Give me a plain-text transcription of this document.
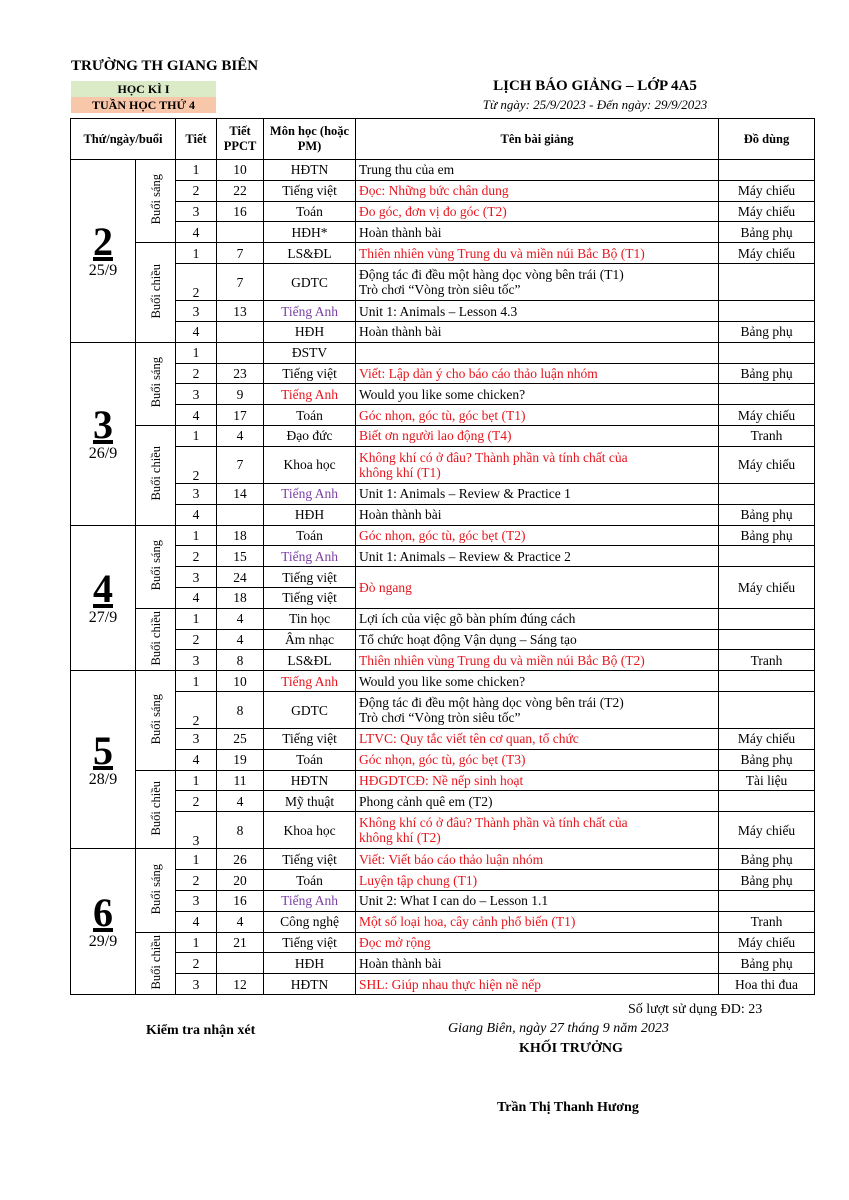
TRƯỜNG TH GIANG BIÊN
HỌC KÌ I
TUẦN HỌC THỨ 4
LỊCH BÁO GIẢNG – LỚP 4A5
Từ ngày: 25/9/2023 - Đến ngày: 29/9/2023
Thứ/ngày/buổi		Tiết	Tiết PPCT	Môn học (hoặc PM)	Tên bài giảng	Đồ dùng

2
25/9	Buổi sáng	1	10	HĐTN	Trung thu của em	
		2	22	Tiếng việt	Đọc: Những bức chân dung	Máy chiếu
		3	16	Toán	Đo góc, đơn vị đo góc (T2)	Máy chiếu
		4		HĐH*	Hoàn thành bài	Bảng phụ
	Buổi chiều	1	7	LS&ĐL	Thiên nhiên vùng Trung du và miền núi Bắc Bộ (T1)	Máy chiếu
		2	7	GDTC	Động tác đi đều một hàng dọc vòng bên trái (T1)
Trò chơi “Vòng tròn siêu tốc”	

		3	13	Tiếng Anh	Unit 1: Animals – Lesson 4.3	
		4		HĐH	Hoàn thành bài	Bảng phụ

3
26/9	Buổi sáng	1		ĐSTV		
		2	23	Tiếng việt	Viết: Lập dàn ý cho báo cáo thảo luận nhóm	Bảng phụ
		3	9	Tiếng Anh	Would you like some chicken?	
		4	17	Toán	Góc nhọn, góc tù, góc bẹt (T1)	Máy chiếu
	Buổi chiều	1	4	Đạo đức	Biết ơn người lao động (T4)	Tranh
		2	7	Khoa học	Không khí có ở đâu? Thành phần và tính chất của
không khí (T1)	Máy chiếu
		3	14	Tiếng Anh	Unit 1: Animals – Review & Practice 1	
		4		HĐH	Hoàn thành bài	Bảng phụ

4
27/9	Buổi sáng	1	18	Toán	Góc nhọn, góc tù, góc bẹt (T2)	Bảng phụ
		2	15	Tiếng Anh	Unit 1: Animals – Review & Practice 2	
		3	24	Tiếng việt	Đò ngang	Máy chiếu
		4	18	Tiếng việt		
	Buổi chiều	1	4	Tin học	Lợi ích của việc gõ bàn phím đúng cách	
		2	4	Âm nhạc	Tổ chức hoạt động Vận dụng – Sáng tạo	
		3	8	LS&ĐL	Thiên nhiên vùng Trung du và miền núi Bắc Bộ (T2)	Tranh

5
28/9	Buổi sáng	1	10	Tiếng Anh	Would you like some chicken?	
		2	8	GDTC	Động tác đi đều một hàng dọc vòng bên trái (T2)
Trò chơi “Vòng tròn siêu tốc”	

		3	25	Tiếng việt	LTVC: Quy tắc viết tên cơ quan, tổ chức	Máy chiếu
		4	19	Toán	Góc nhọn, góc tù, góc bẹt (T3)	Bảng phụ
	Buổi chiều	1	11	HĐTN	HĐGDTCĐ: Nề nếp sinh hoạt	Tài liệu
		2	4	Mỹ thuật	Phong cảnh quê em (T2)	
		3	8	Khoa học	Không khí có ở đâu? Thành phần và tính chất của
không khí (T2)	Máy chiếu

6
29/9	Buổi sáng	1	26	Tiếng việt	Viết: Viết báo cáo thảo luận nhóm	Bảng phụ
		2	20	Toán	Luyện tập chung (T1)	Bảng phụ
		3	16	Tiếng Anh	Unit 2: What I can do – Lesson 1.1	
		4	4	Công nghệ	Một số loại hoa, cây cảnh phổ biến (T1)	Tranh
	Buổi chiều	1	21	Tiếng việt	Đọc mở rộng	Máy chiếu
		2		HĐH	Hoàn thành bài	Bảng phụ
		3	12	HĐTN	SHL: Giúp nhau thực hiện nề nếp	Hoa thi đua
Số lượt sử dụng ĐD: 23
Kiểm tra nhận xét	Giang Biên, ngày 27 tháng 9 năm 2023
KHỐI TRƯỞNG
Trần Thị Thanh Hương
